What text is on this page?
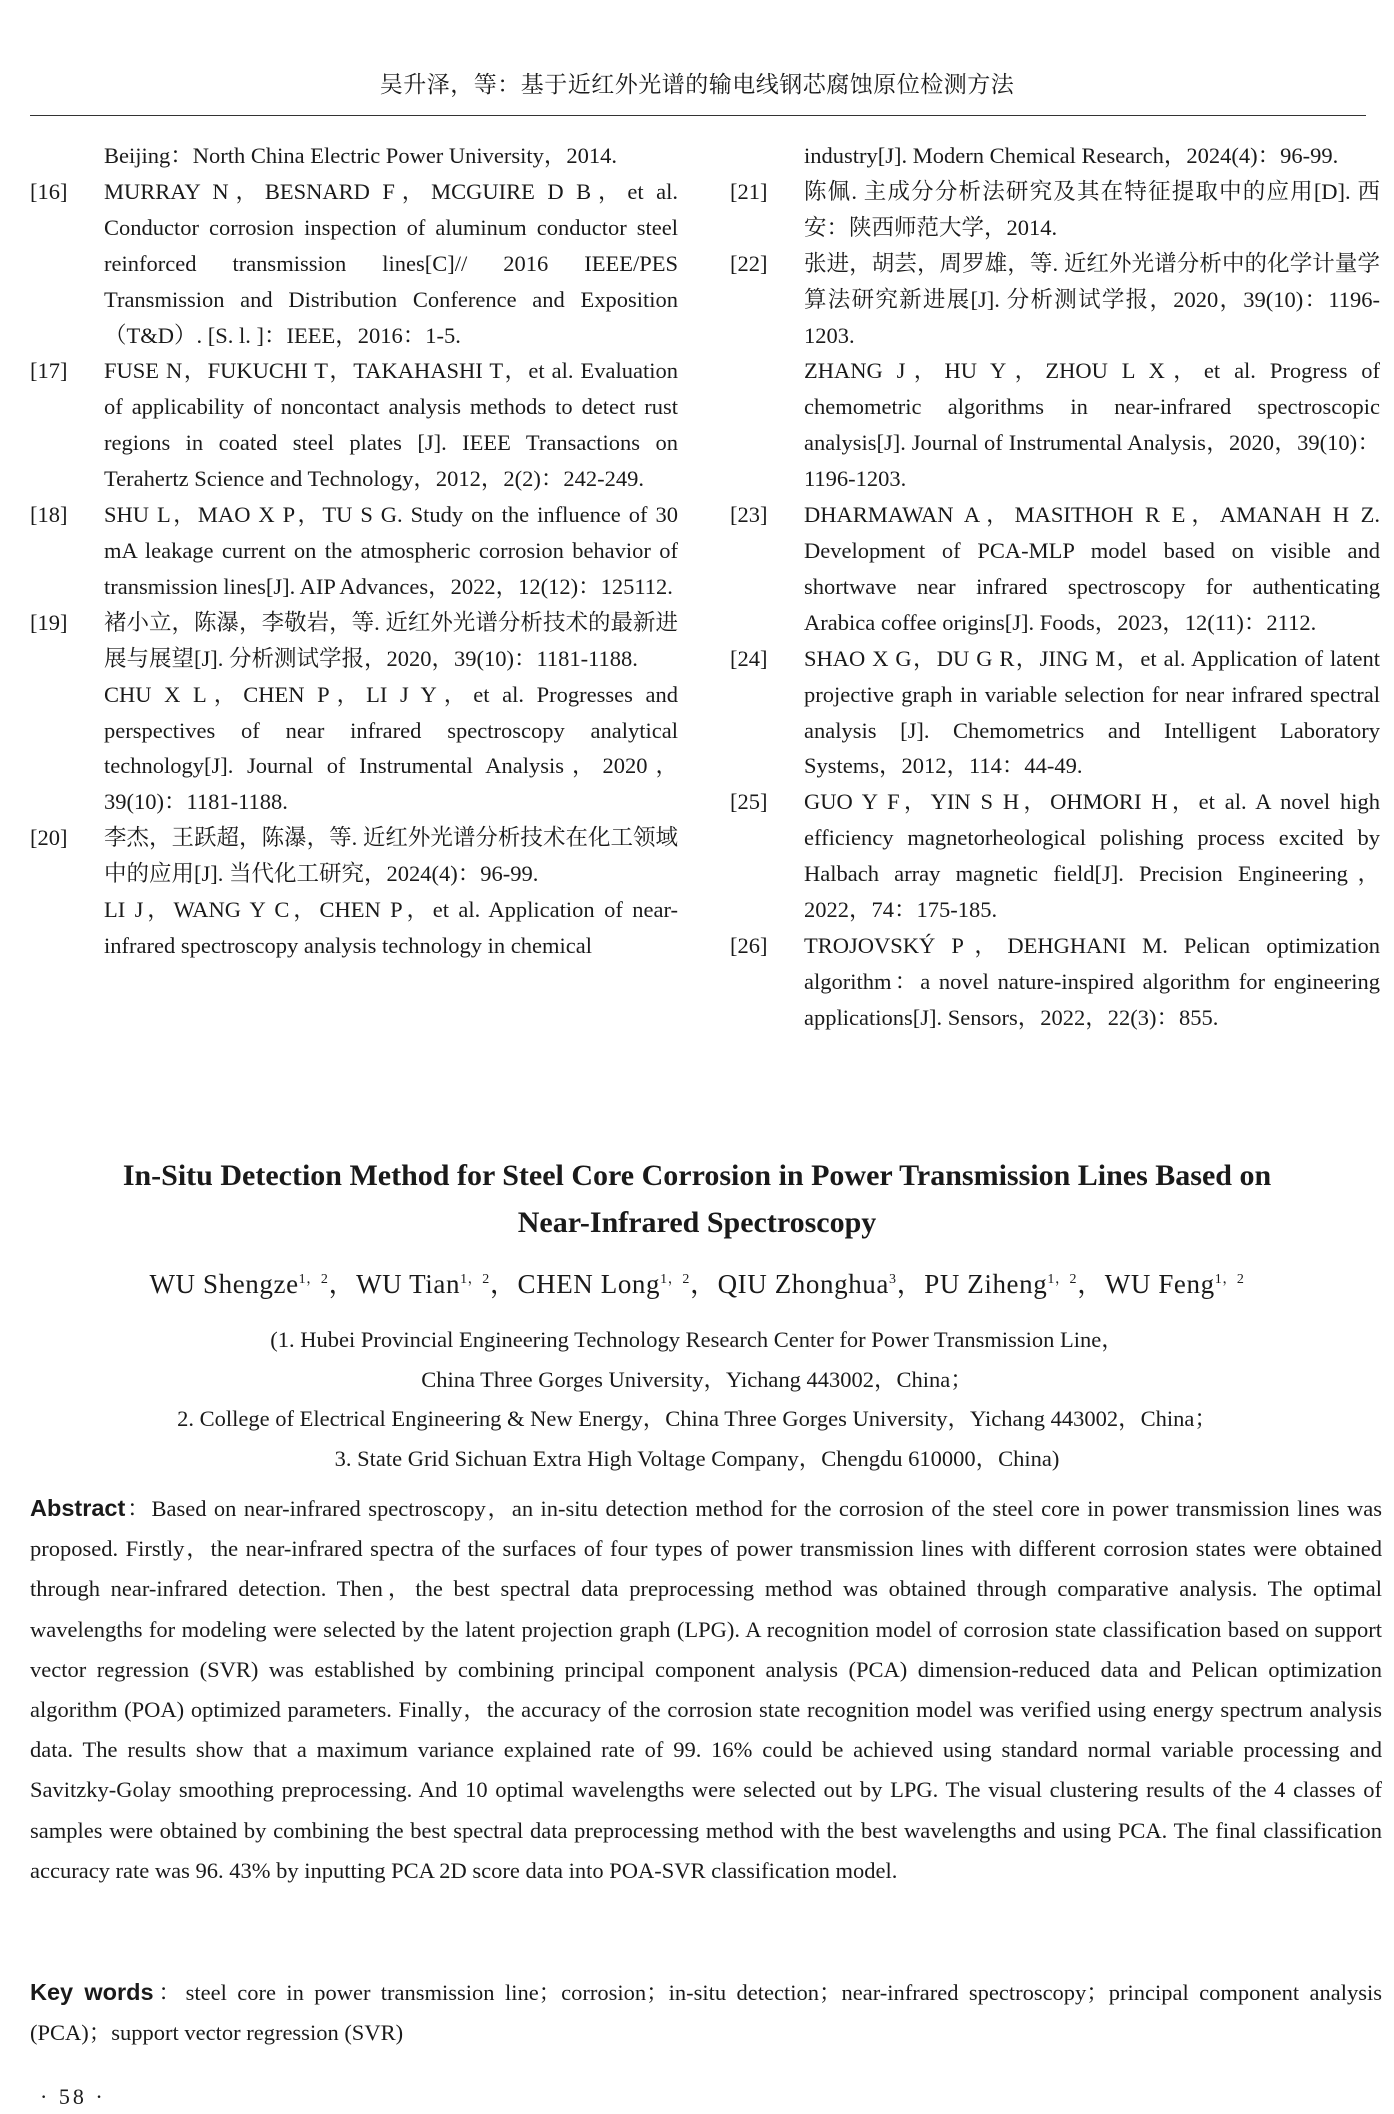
吴升泽，等：基于近红外光谱的输电线钢芯腐蚀原位检测方法
Beijing：North China Electric Power University，2014.
[16] MURRAY N，BESNARD F，MCGUIRE D B，et al. Conductor corrosion inspection of aluminum conductor steel reinforced transmission lines[C]// 2016 IEEE/PES Transmission and Distribution Conference and Exposition（T&D）. [S. l. ]：IEEE，2016：1-5.
[17] FUSE N，FUKUCHI T，TAKAHASHI T，et al. Evaluation of applicability of noncontact analysis methods to detect rust regions in coated steel plates [J]. IEEE Transactions on Terahertz Science and Technology，2012，2(2)：242-249.
[18] SHU L，MAO X P，TU S G. Study on the influence of 30 mA leakage current on the atmospheric corrosion behavior of transmission lines[J]. AIP Advances，2022，12(12)：125112.
[19] 褚小立，陈瀑，李敬岩，等. 近红外光谱分析技术的最新进展与展望[J]. 分析测试学报，2020，39(10)：1181-1188.
CHU X L，CHEN P，LI J Y，et al. Progresses and perspectives of near infrared spectroscopy analytical technology[J]. Journal of Instrumental Analysis，2020，39(10)：1181-1188.
[20] 李杰，王跃超，陈瀑，等. 近红外光谱分析技术在化工领域中的应用[J]. 当代化工研究，2024(4)：96-99.
LI J，WANG Y C，CHEN P，et al. Application of near-infrared spectroscopy analysis technology in chemical
industry[J]. Modern Chemical Research，2024(4)：96-99.
[21] 陈佩. 主成分分析法研究及其在特征提取中的应用[D]. 西安：陕西师范大学，2014.
[22] 张进，胡芸，周罗雄，等. 近红外光谱分析中的化学计量学算法研究新进展[J]. 分析测试学报，2020，39(10)：1196-1203.
ZHANG J，HU Y，ZHOU L X，et al. Progress of chemometric algorithms in near-infrared spectroscopic analysis[J]. Journal of Instrumental Analysis，2020，39(10)：1196-1203.
[23] DHARMAWAN A，MASITHOH R E，AMANAH H Z. Development of PCA-MLP model based on visible and shortwave near infrared spectroscopy for authenticating Arabica coffee origins[J]. Foods，2023，12(11)：2112.
[24] SHAO X G，DU G R，JING M，et al. Application of latent projective graph in variable selection for near infrared spectral analysis [J]. Chemometrics and Intelligent Laboratory Systems，2012，114：44-49.
[25] GUO Y F，YIN S H，OHMORI H，et al. A novel high efficiency magnetorheological polishing process excited by Halbach array magnetic field[J]. Precision Engineering，2022，74：175-185.
[26] TROJOVSKÝ P，DEHGHANI M. Pelican optimization algorithm：a novel nature-inspired algorithm for engineering applications[J]. Sensors，2022，22(3)：855.
In-Situ Detection Method for Steel Core Corrosion in Power Transmission Lines Based on
Near-Infrared Spectroscopy
WU Shengze$^{1,2}$，WU Tian$^{1,2}$，CHEN Long$^{1,2}$，QIU Zhonghua$^3$，PU Ziheng$^{1,2}$，WU Feng$^{1,2}$
(1. Hubei Provincial Engineering Technology Research Center for Power Transmission Line，
China Three Gorges University，Yichang 443002，China；
2. College of Electrical Engineering & New Energy，China Three Gorges University，Yichang 443002，China；
3. State Grid Sichuan Extra High Voltage Company，Chengdu 610000，China)
Abstract：Based on near-infrared spectroscopy，an in-situ detection method for the corrosion of the steel core in power transmission lines was proposed. Firstly，the near-infrared spectra of the surfaces of four types of power transmission lines with different corrosion states were obtained through near-infrared detection. Then，the best spectral data preprocessing method was obtained through comparative analysis. The optimal wavelengths for modeling were selected by the latent projection graph (LPG). A recognition model of corrosion state classification based on support vector regression (SVR) was established by combining principal component analysis (PCA) dimension-reduced data and Pelican optimization algorithm (POA) optimized parameters. Finally，the accuracy of the corrosion state recognition model was verified using energy spectrum analysis data. The results show that a maximum variance explained rate of 99. 16% could be achieved using standard normal variable processing and Savitzky-Golay smoothing preprocessing. And 10 optimal wavelengths were selected out by LPG. The visual clustering results of the 4 classes of samples were obtained by combining the best spectral data preprocessing method with the best wavelengths and using PCA. The final classification accuracy rate was 96. 43% by inputting PCA 2D score data into POA-SVR classification model.
Key words：steel core in power transmission line；corrosion；in-situ detection；near-infrared spectroscopy；principal component analysis (PCA)；support vector regression (SVR)
· 58 ·
